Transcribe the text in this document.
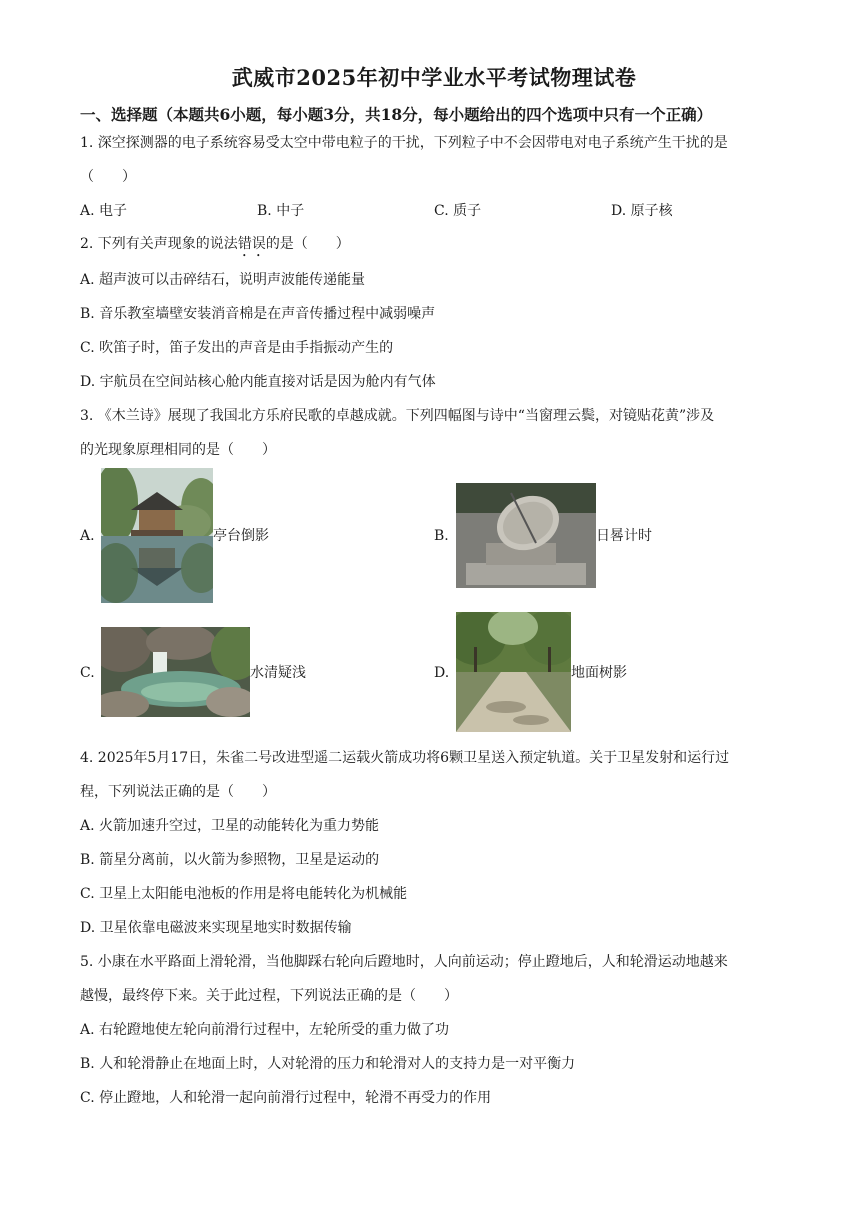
武威市2025年初中学业水平考试物理试卷
一、选择题（本题共6小题，每小题3分，共18分，每小题给出的四个选项中只有一个正确）
1. 深空探测器的电子系统容易受太空中带电粒子的干扰，下列粒子中不会因带电对电子系统产生干扰的是
（　　）
A. 电子	B. 中子	C. 质子	D. 原子核
2. 下列有关声现象的说法错误的是（　　）
A. 超声波可以击碎结石，说明声波能传递能量
B. 音乐教室墙壁安装消音棉是在声音传播过程中减弱噪声
C. 吹笛子时，笛子发出的声音是由手指振动产生的
D. 宇航员在空间站核心舱内能直接对话是因为舱内有气体
3. 《木兰诗》展现了我国北方乐府民歌的卓越成就。下列四幅图与诗中“当窗理云鬓，对镜贴花黄”涉及
的光现象原理相同的是（　　）
A.	亭台倒影	B.	日晷计时
C.	水清疑浅	D.	地面树影
4. 2025年5月17日，朱雀二号改进型遥二运载火箭成功将6颗卫星送入预定轨道。关于卫星发射和运行过
程，下列说法正确的是（　　）
A. 火箭加速升空过，卫星的动能转化为重力势能
B. 箭星分离前，以火箭为参照物，卫星是运动的
C. 卫星上太阳能电池板的作用是将电能转化为机械能
D. 卫星依靠电磁波来实现星地实时数据传输
5. 小康在水平路面上滑轮滑，当他脚踩右轮向后蹬地时，人向前运动；停止蹬地后，人和轮滑运动地越来
越慢，最终停下来。关于此过程，下列说法正确的是（　　）
A. 右轮蹬地使左轮向前滑行过程中，左轮所受的重力做了功
B. 人和轮滑静止在地面上时，人对轮滑的压力和轮滑对人的支持力是一对平衡力
C. 停止蹬地，人和轮滑一起向前滑行过程中，轮滑不再受力的作用
